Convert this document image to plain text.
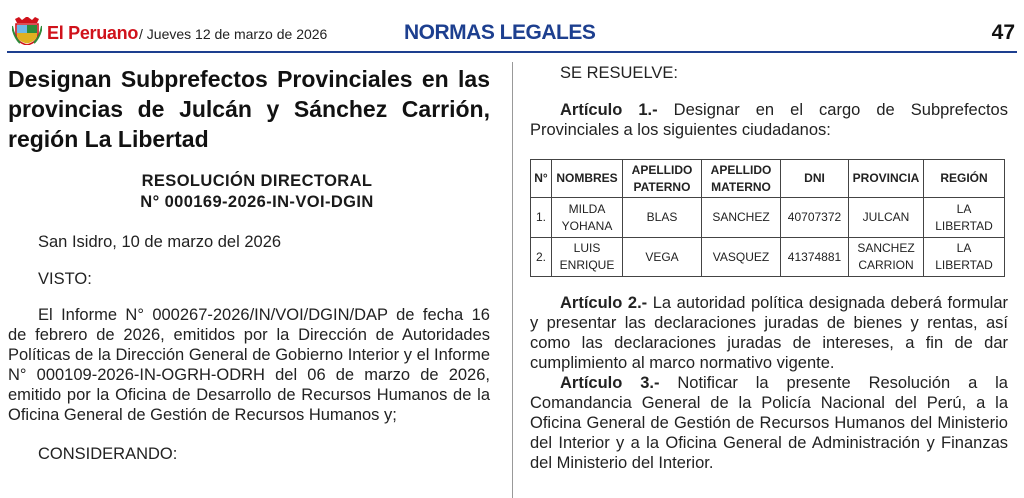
El Peruano / Jueves 12 de marzo de 2026	NORMAS LEGALES	47
Designan Subprefectos Provinciales en las provincias de Julcán y Sánchez Carrión, región La Libertad
RESOLUCIÓN DIRECTORAL
N° 000169-2026-IN-VOI-DGIN
San Isidro, 10 de marzo del 2026
VISTO:
El Informe N° 000267-2026/IN/VOI/DGIN/DAP de fecha 16 de febrero de 2026, emitidos por la Dirección de Autoridades Políticas de la Dirección General de Gobierno Interior y el Informe N° 000109-2026-IN-OGRH-ODRH del 06 de marzo de 2026, emitido por la Oficina de Desarrollo de Recursos Humanos de la Oficina General de Gestión de Recursos Humanos y;
CONSIDERANDO:
SE RESUELVE:
Artículo 1.- Designar en el cargo de Subprefectos Provinciales a los siguientes ciudadanos:
N°	NOMBRES	APELLIDO PATERNO	APELLIDO MATERNO	DNI	PROVINCIA	REGIÓN
1.	MILDA YOHANA	BLAS	SANCHEZ	40707372	JULCAN	LA LIBERTAD
2.	LUIS ENRIQUE	VEGA	VASQUEZ	41374881	SANCHEZ CARRION	LA LIBERTAD
Artículo 2.- La autoridad política designada deberá formular y presentar las declaraciones juradas de bienes y rentas, así como las declaraciones juradas de intereses, a fin de dar cumplimiento al marco normativo vigente.
Artículo 3.- Notificar la presente Resolución a la Comandancia General de la Policía Nacional del Perú, a la Oficina General de Gestión de Recursos Humanos del Ministerio del Interior y a la Oficina General de Administración y Finanzas del Ministerio del Interior.
